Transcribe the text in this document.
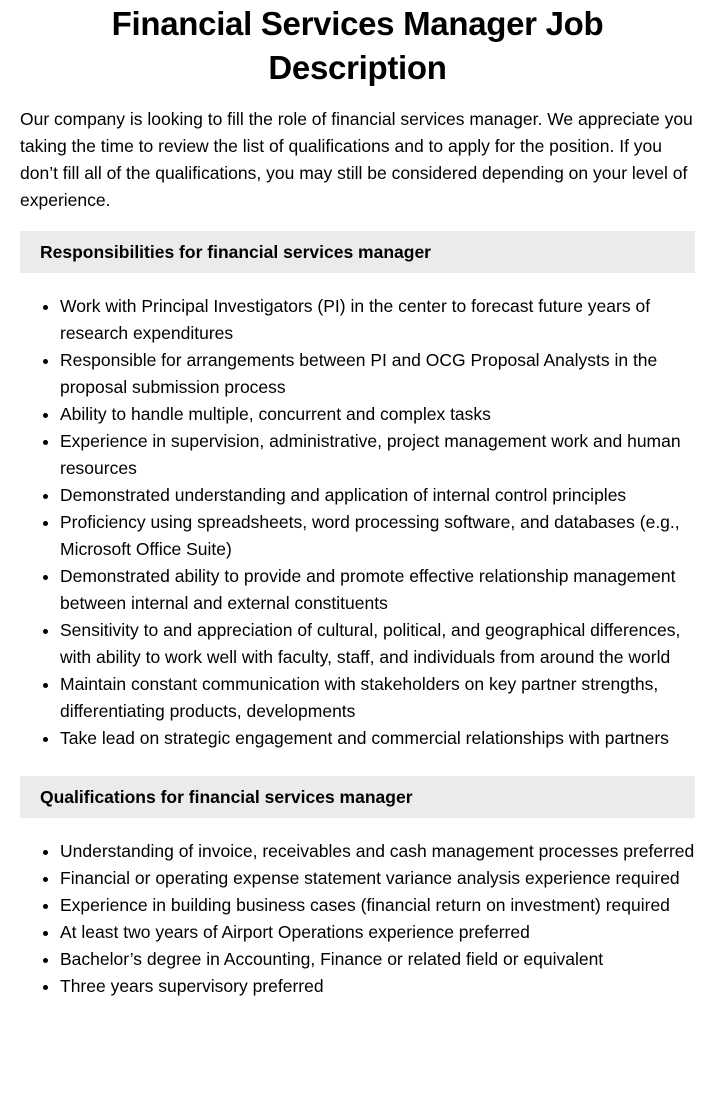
Financial Services Manager Job Description

Our company is looking to fill the role of financial services manager. We appreciate you taking the time to review the list of qualifications and to apply for the position. If you don’t fill all of the qualifications, you may still be considered depending on your level of experience.

Responsibilities for financial services manager
• Work with Principal Investigators (PI) in the center to forecast future years of research expenditures
• Responsible for arrangements between PI and OCG Proposal Analysts in the proposal submission process
• Ability to handle multiple, concurrent and complex tasks
• Experience in supervision, administrative, project management work and human resources
• Demonstrated understanding and application of internal control principles
• Proficiency using spreadsheets, word processing software, and databases (e.g., Microsoft Office Suite)
• Demonstrated ability to provide and promote effective relationship management between internal and external constituents
• Sensitivity to and appreciation of cultural, political, and geographical differences, with ability to work well with faculty, staff, and individuals from around the world
• Maintain constant communication with stakeholders on key partner strengths, differentiating products, developments
• Take lead on strategic engagement and commercial relationships with partners
Qualifications for financial services manager
• Understanding of invoice, receivables and cash management processes preferred
• Financial or operating expense statement variance analysis experience required
• Experience in building business cases (financial return on investment) required
• At least two years of Airport Operations experience preferred
• Bachelor’s degree in Accounting, Finance or related field or equivalent
• Three years supervisory preferred
